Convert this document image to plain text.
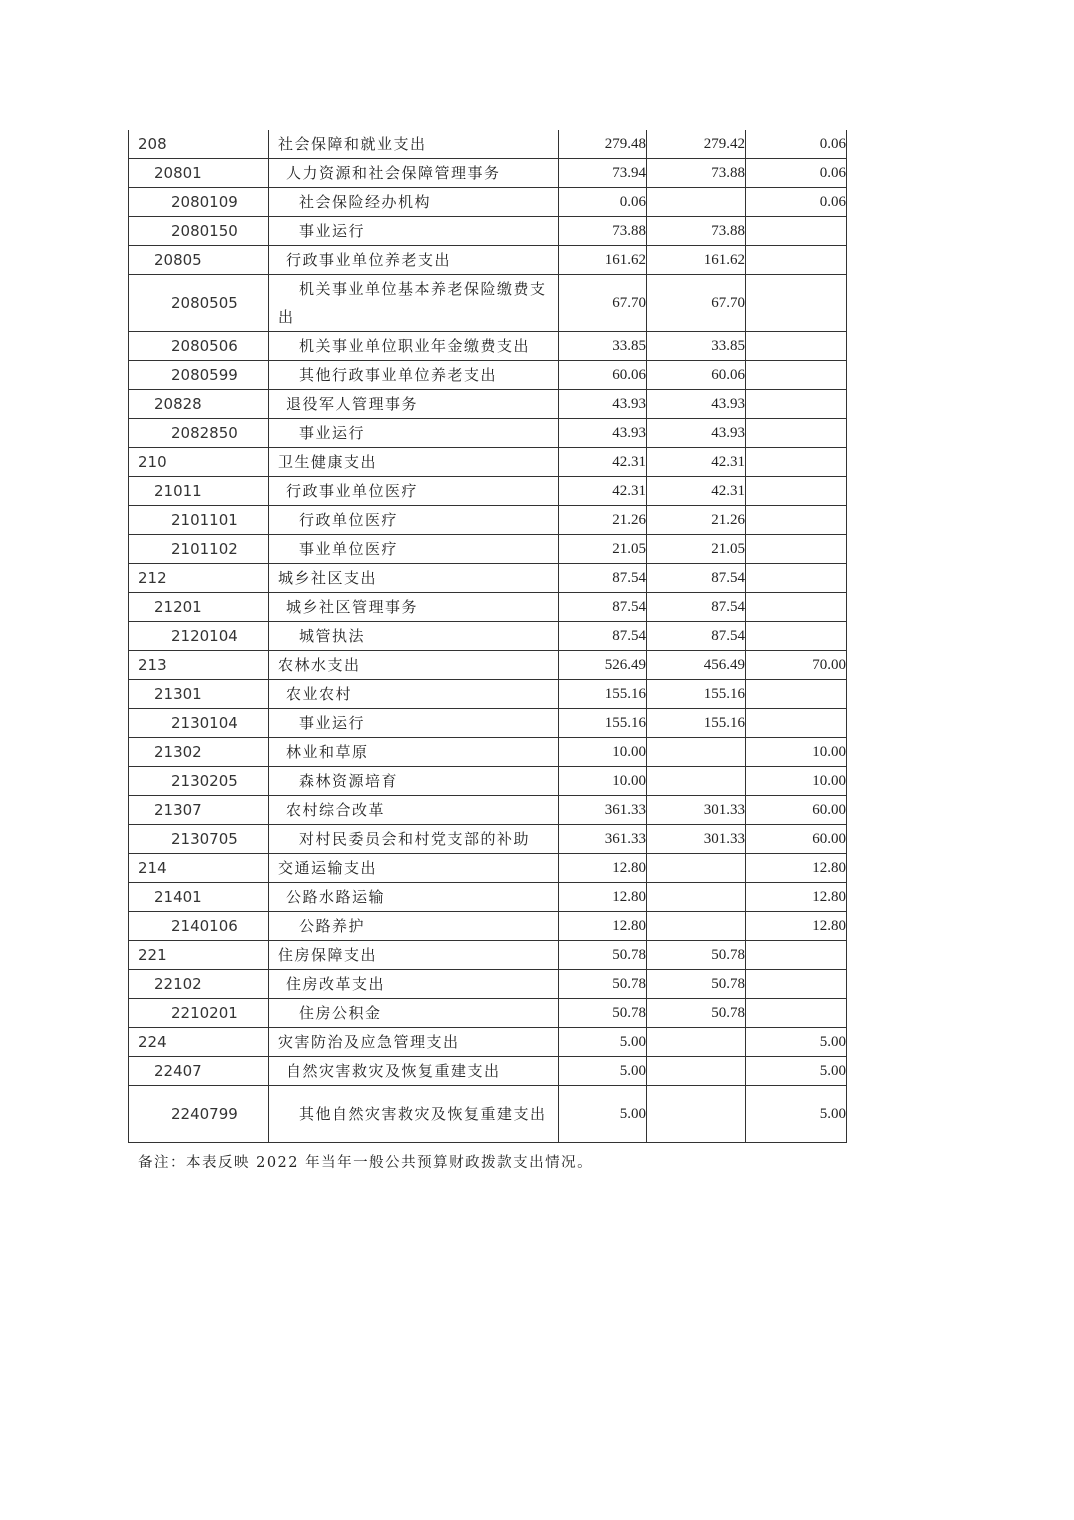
208	社会保障和就业支出	279.48	279.42	0.06
20801	人力资源和社会保障管理事务	73.94	73.88	0.06
2080109	社会保险经办机构	0.06		0.06
2080150	事业运行	73.88	73.88	
20805	行政事业单位养老支出	161.62	161.62	
2080505	机关事业单位基本养老保险缴费支出	67.70	67.70	
2080506	机关事业单位职业年金缴费支出	33.85	33.85	
2080599	其他行政事业单位养老支出	60.06	60.06	
20828	退役军人管理事务	43.93	43.93	
2082850	事业运行	43.93	43.93	
210	卫生健康支出	42.31	42.31	
21011	行政事业单位医疗	42.31	42.31	
2101101	行政单位医疗	21.26	21.26	
2101102	事业单位医疗	21.05	21.05	
212	城乡社区支出	87.54	87.54	
21201	城乡社区管理事务	87.54	87.54	
2120104	城管执法	87.54	87.54	
213	农林水支出	526.49	456.49	70.00
21301	农业农村	155.16	155.16	
2130104	事业运行	155.16	155.16	
21302	林业和草原	10.00		10.00
2130205	森林资源培育	10.00		10.00
21307	农村综合改革	361.33	301.33	60.00
2130705	对村民委员会和村党支部的补助	361.33	301.33	60.00
214	交通运输支出	12.80		12.80
21401	公路水路运输	12.80		12.80
2140106	公路养护	12.80		12.80
221	住房保障支出	50.78	50.78	
22102	住房改革支出	50.78	50.78	
2210201	住房公积金	50.78	50.78	
224	灾害防治及应急管理支出	5.00		5.00
22407	自然灾害救灾及恢复重建支出	5.00		5.00
2240799	其他自然灾害救灾及恢复重建支出	5.00		5.00
备注：本表反映 2022 年当年一般公共预算财政拨款支出情况。
